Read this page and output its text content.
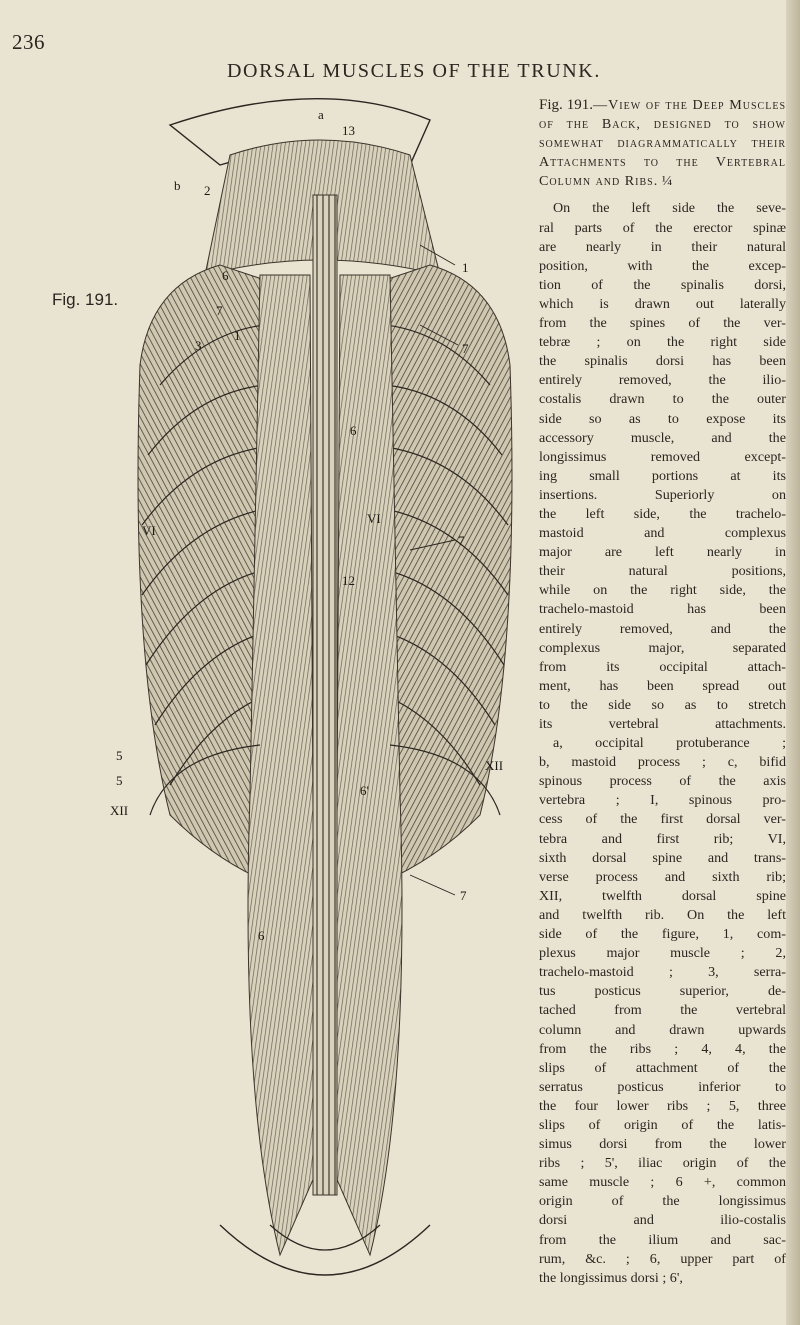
236
DORSAL MUSCLES OF THE TRUNK.
Fig. 191.
a
b
13
2
6
7
1
3
VI
5
5
XII
6
1
7
6
VI
7
12
XII
7
6'
Fig. 191.—View of the Deep Muscles of the Back, designed to show somewhat diagrammatically their Attachments to the Vertebral Column and Ribs. ¼
On the left side the seve-
ral parts of the erector spinæ
are nearly in their natural
position, with the excep-
tion of the spinalis dorsi,
which is drawn out laterally
from the spines of the ver-
tebræ ; on the right side
the spinalis dorsi has been
entirely removed, the ilio-
costalis drawn to the outer
side so as to expose its
accessory muscle, and the
longissimus removed except-
ing small portions at its
insertions. Superiorly on
the left side, the trachelo-
mastoid and complexus
major are left nearly in
their natural positions,
while on the right side, the
trachelo-mastoid has been
entirely removed, and the
complexus major, separated
from its occipital attach-
ment, has been spread out
to the side so as to stretch
its vertebral attachments.
a, occipital protuberance ;
b, mastoid process ; c, bifid
spinous process of the axis
vertebra ; I, spinous pro-
cess of the first dorsal ver-
tebra and first rib; VI,
sixth dorsal spine and trans-
verse process and sixth rib;
XII, twelfth dorsal spine
and twelfth rib. On the left
side of the figure, 1, com-
plexus major muscle ; 2,
trachelo-mastoid ; 3, serra-
tus posticus superior, de-
tached from the vertebral
column and drawn upwards
from the ribs ; 4, 4, the
slips of attachment of the
serratus posticus inferior to
the four lower ribs ; 5, three
slips of origin of the latis-
simus dorsi from the lower
ribs ; 5', iliac origin of the
same muscle ; 6 +, common
origin of the longissimus
dorsi and ilio-costalis
from the ilium and sac-
rum, &c. ; 6, upper part of
the longissimus dorsi ; 6',
